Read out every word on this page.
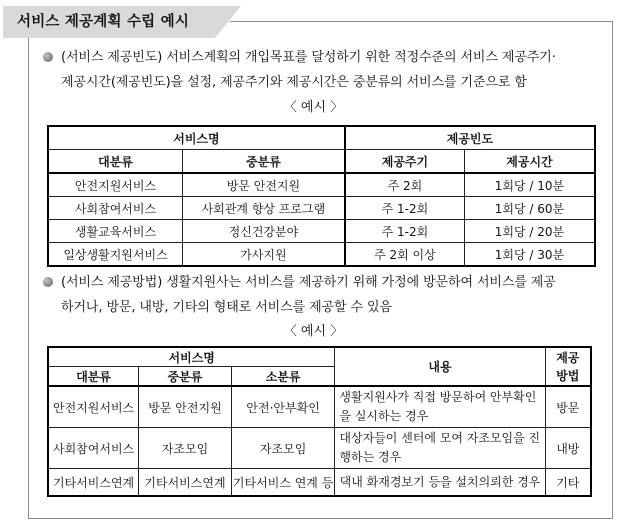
서비스 제공계획 수립 예시
(서비스 제공빈도) 서비스계획의 개입목표를 달성하기 위한 적정수준의 서비스 제공주기·
제공시간(제공빈도)을 설정, 제공주기와 제공시간은 중분류의 서비스를 기준으로 함
〈 예시 〉
서비스명		제공빈도	
대분류	중분류	제공주기	제공시간
안전지원서비스	방문 안전지원	주 2회	1회당 / 10분
사회참여서비스	사회관계 향상 프로그램	주 1-2회	1회당 / 60분
생활교육서비스	정신건강분야	주 1-2회	1회당 / 20분
일상생활지원서비스	가사지원	주 2회 이상	1회당 / 30분
(서비스 제공방법) 생활지원사는 서비스를 제공하기 위해 가정에 방문하여 서비스를 제공
하거나, 방문, 내방, 기타의 형태로 서비스를 제공할 수 있음
〈 예시 〉
서비스명			내용	제공
방법
대분류	중분류	소분류		
안전지원서비스	방문 안전지원	안전·안부확인	생활지원사가 직접 방문하여 안부확인을 실시하는 경우	방문
사회참여서비스	자조모임	자조모임	대상자들이 센터에 모여 자조모임을 진행하는 경우	내방
기타서비스연계	기타서비스연계	기타서비스 연계 등	댁내 화재경보기 등을 설치의뢰한 경우	기타
